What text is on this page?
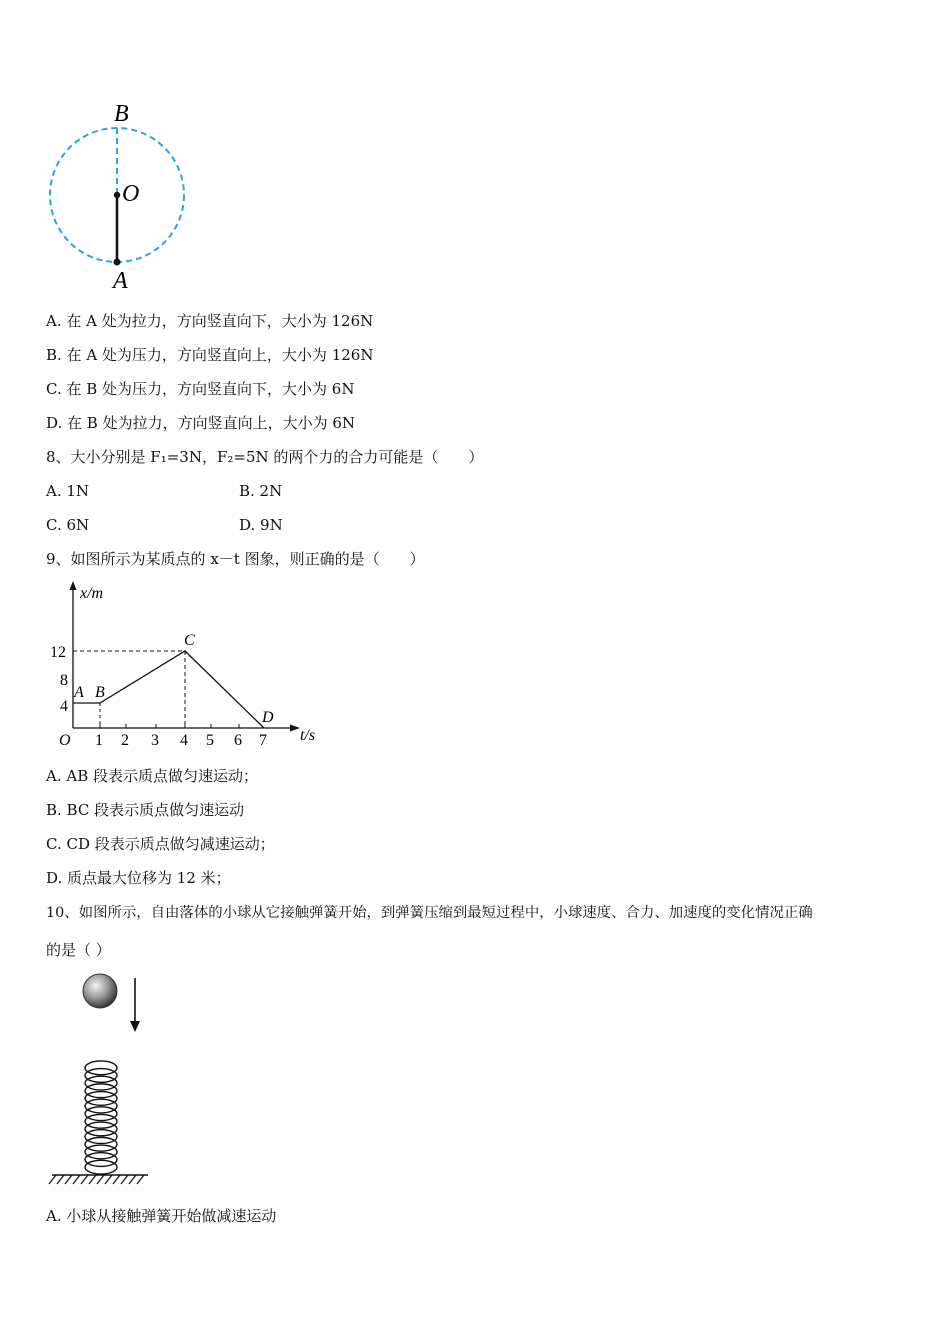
B
O
A
A. 在 A 处为拉力，方向竖直向下，大小为 126N
B. 在 A 处为压力，方向竖直向上，大小为 126N
C. 在 B 处为压力，方向竖直向下，大小为 6N
D. 在 B 处为拉力，方向竖直向上，大小为 6N
8、大小分别是 F₁=3N，F₂=5N 的两个力的合力可能是（　　）
A. 1N	B. 2N
C. 6N	D. 9N
9、如图所示为某质点的 x－t 图象，则正确的是（　　）
x/m
t/s
O
12
8
4
1 2 3 4 5 6 7
A B
C
D
A. AB 段表示质点做匀速运动；
B. BC 段表示质点做匀速运动
C. CD 段表示质点做匀减速运动；
D. 质点最大位移为 12 米；
10、如图所示，自由落体的小球从它接触弹簧开始，到弹簧压缩到最短过程中，小球速度、合力、加速度的变化情况正确
的是（ ）
A. 小球从接触弹簧开始做减速运动
